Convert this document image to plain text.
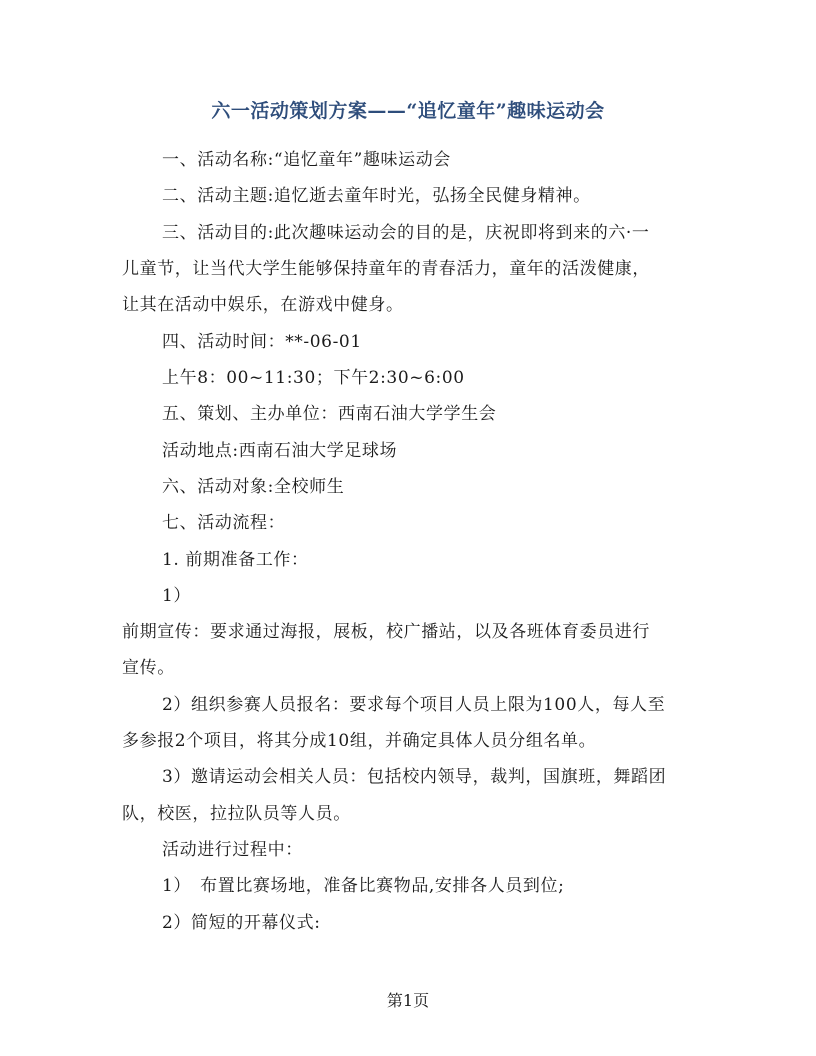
六一活动策划方案——“追忆童年”趣味运动会
一、活动名称:“追忆童年”趣味运动会
二、活动主题:追忆逝去童年时光，弘扬全民健身精神。
三、活动目的:此次趣味运动会的目的是，庆祝即将到来的六·一
儿童节，让当代大学生能够保持童年的青春活力，童年的活泼健康，
让其在活动中娱乐，在游戏中健身。
四、活动时间：**-06-01
上午8：00~11:30；下午2:30~6:00
五、策划、主办单位：西南石油大学学生会
活动地点:西南石油大学足球场
六、活动对象:全校师生
七、活动流程：
1. 前期准备工作：
1）
前期宣传：要求通过海报，展板，校广播站，以及各班体育委员进行
宣传。
2）组织参赛人员报名：要求每个项目人员上限为100人，每人至
多参报2个项目，将其分成10组，并确定具体人员分组名单。
3）邀请运动会相关人员：包括校内领导，裁判，国旗班，舞蹈团
队，校医，拉拉队员等人员。
活动进行过程中：
1）　布置比赛场地，准备比赛物品,安排各人员到位;
2）简短的开幕仪式:
第1页
